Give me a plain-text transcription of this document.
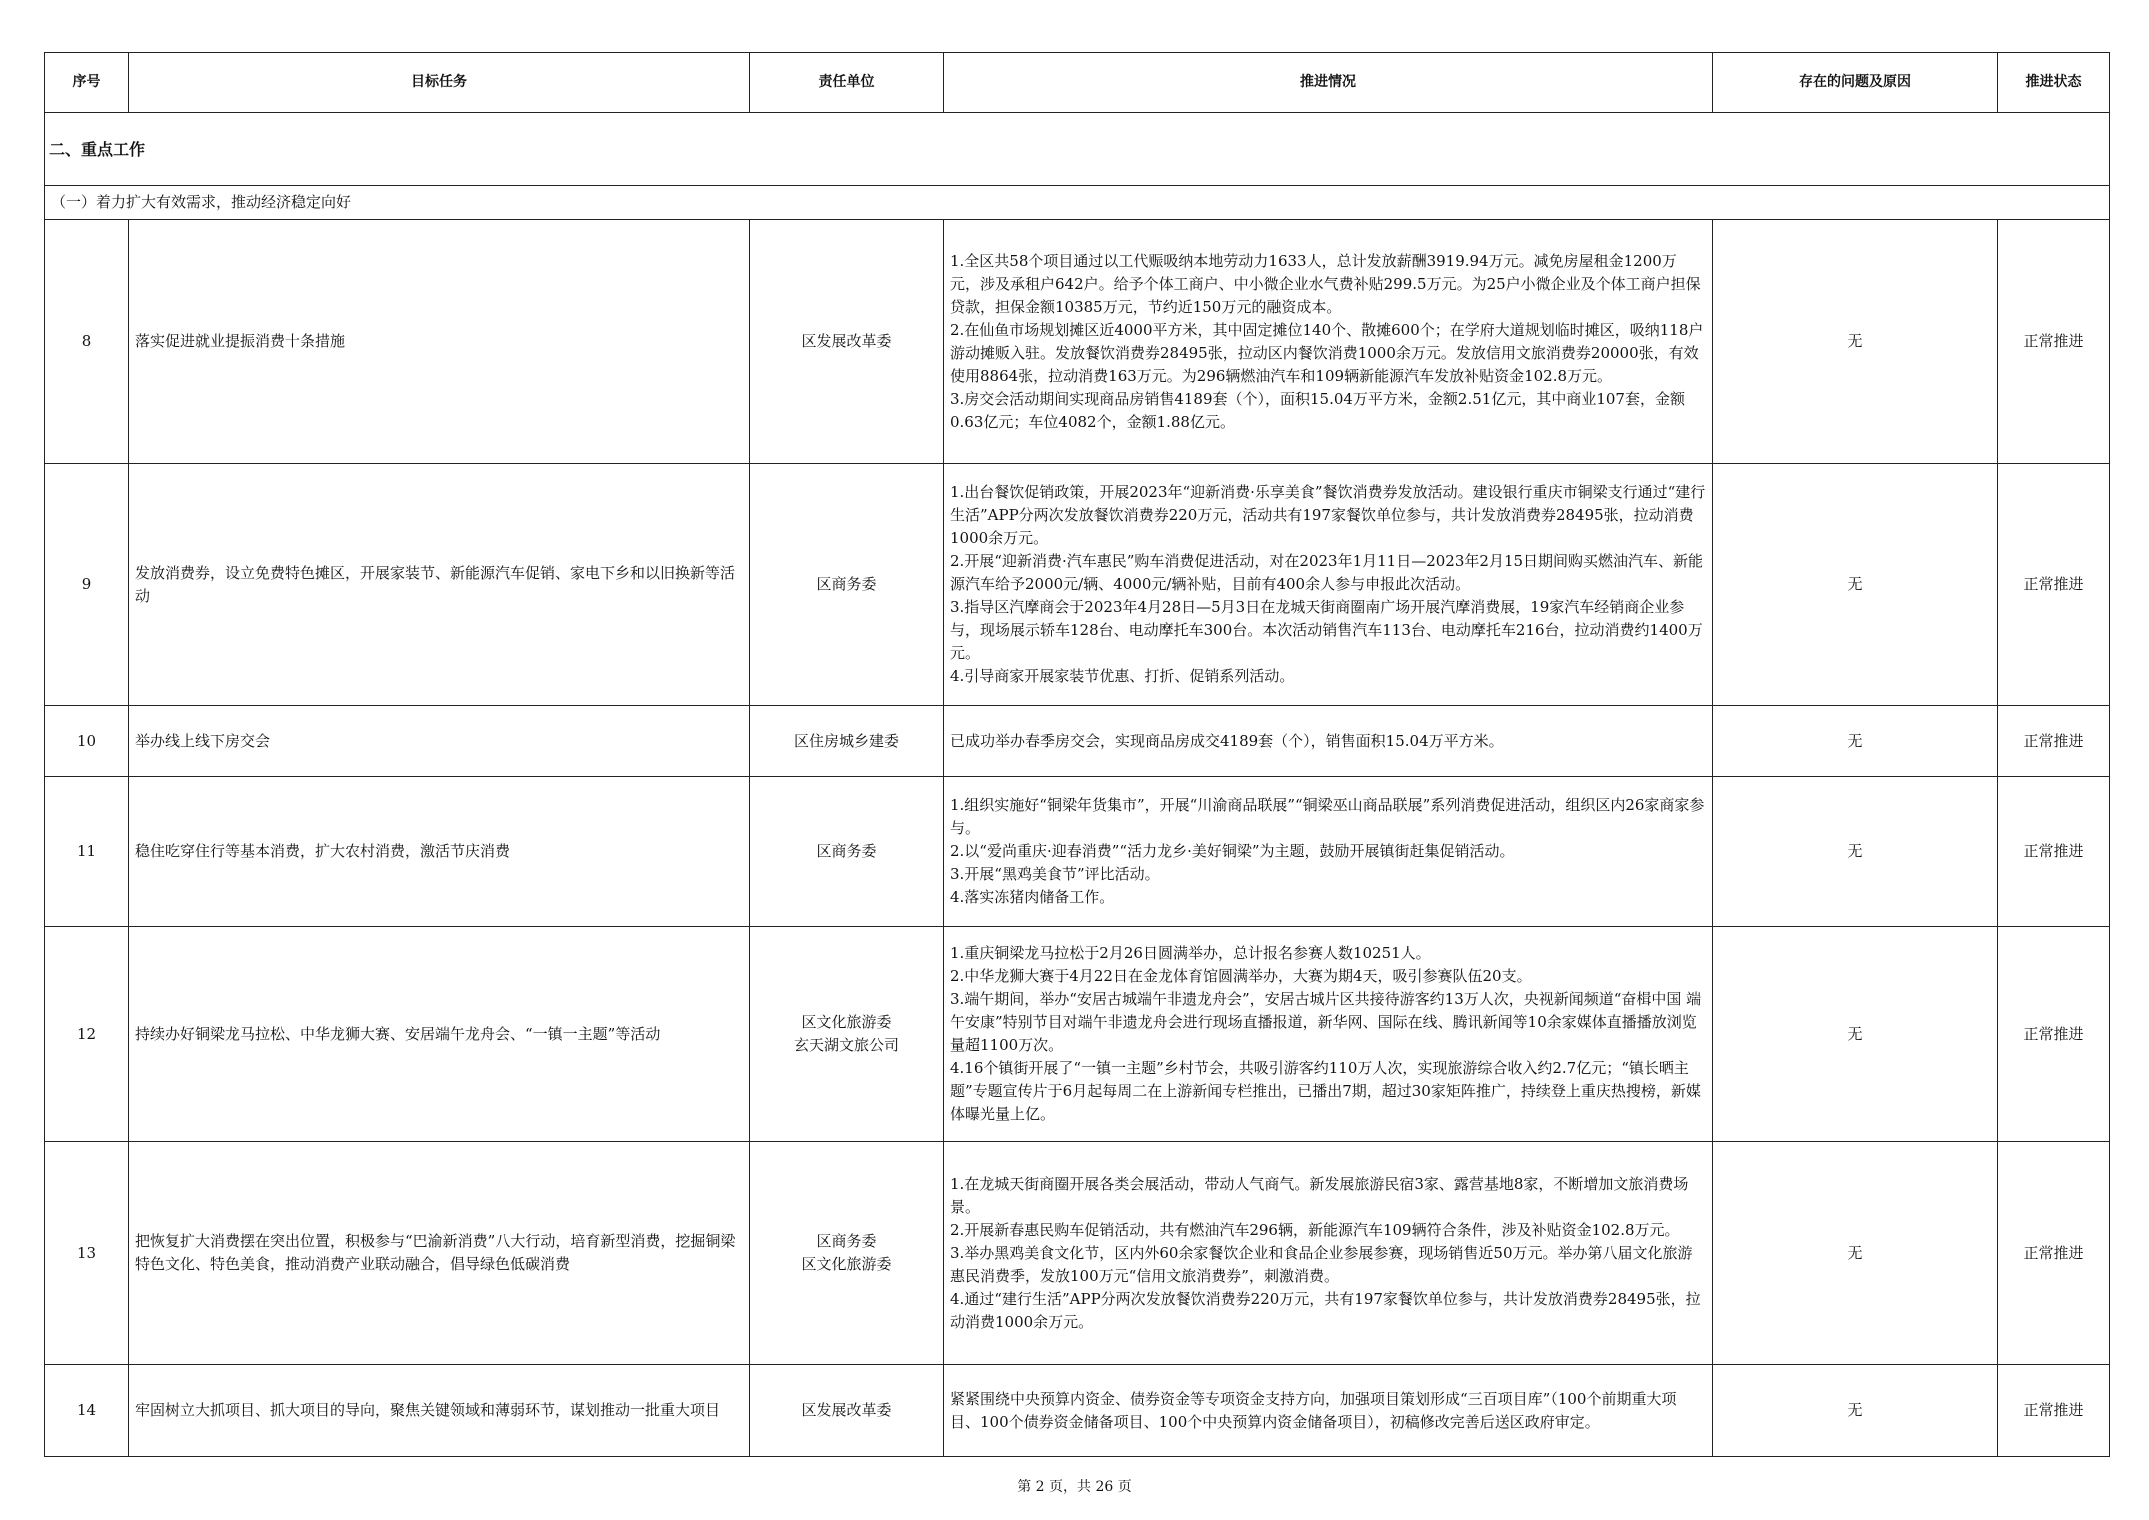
序号	目标任务	责任单位	推进情况	存在的问题及原因	推进状态
二、重点工作					
（一）着力扩大有效需求，推动经济稳定向好					
8	落实促进就业提振消费十条措施	区发展改革委	1.全区共58个项目通过以工代赈吸纳本地劳动力1633人，总计发放薪酬3919.94万元。减免房屋租金1200万元，涉及承租户642户。给予个体工商户、中小微企业水气费补贴299.5万元。为25户小微企业及个体工商户担保贷款，担保金额10385万元，节约近150万元的融资成本。
2.在仙鱼市场规划摊区近4000平方米，其中固定摊位140个、散摊600个；在学府大道规划临时摊区，吸纳118户游动摊贩入驻。发放餐饮消费券28495张，拉动区内餐饮消费1000余万元。发放信用文旅消费券20000张，有效使用8864张，拉动消费163万元。为296辆燃油汽车和109辆新能源汽车发放补贴资金102.8万元。
3.房交会活动期间实现商品房销售4189套（个），面积15.04万平方米，金额2.51亿元，其中商业107套，金额0.63亿元；车位4082个，金额1.88亿元。	无	正常推进
9	发放消费券，设立免费特色摊区，开展家装节、新能源汽车促销、家电下乡和以旧换新等活动	区商务委	1.出台餐饮促销政策，开展2023年“迎新消费·乐享美食”餐饮消费券发放活动。建设银行重庆市铜梁支行通过“建行生活”APP分两次发放餐饮消费券220万元，活动共有197家餐饮单位参与，共计发放消费券28495张，拉动消费1000余万元。
2.开展“迎新消费·汽车惠民”购车消费促进活动，对在2023年1月11日—2023年2月15日期间购买燃油汽车、新能源汽车给予2000元/辆、4000元/辆补贴，目前有400余人参与申报此次活动。
3.指导区汽摩商会于2023年4月28日—5月3日在龙城天街商圈南广场开展汽摩消费展，19家汽车经销商企业参与，现场展示轿车128台、电动摩托车300台。本次活动销售汽车113台、电动摩托车216台，拉动消费约1400万元。
4.引导商家开展家装节优惠、打折、促销系列活动。	无	正常推进
10	举办线上线下房交会	区住房城乡建委	已成功举办春季房交会，实现商品房成交4189套（个），销售面积15.04万平方米。	无	正常推进
11	稳住吃穿住行等基本消费，扩大农村消费，激活节庆消费	区商务委	1.组织实施好“铜梁年货集市”，开展“川渝商品联展”“铜梁巫山商品联展”系列消费促进活动，组织区内26家商家参与。
2.以“爱尚重庆·迎春消费”“活力龙乡·美好铜梁”为主题，鼓励开展镇街赶集促销活动。
3.开展“黑鸡美食节”评比活动。
4.落实冻猪肉储备工作。	无	正常推进
12	持续办好铜梁龙马拉松、中华龙狮大赛、安居端午龙舟会、“一镇一主题”等活动	区文化旅游委
玄天湖文旅公司	1.重庆铜梁龙马拉松于2月26日圆满举办，总计报名参赛人数10251人。
2.中华龙狮大赛于4月22日在金龙体育馆圆满举办，大赛为期4天，吸引参赛队伍20支。
3.端午期间，举办“安居古城端午非遗龙舟会”，安居古城片区共接待游客约13万人次，央视新闻频道“奋楫中国 端午安康”特别节目对端午非遗龙舟会进行现场直播报道，新华网、国际在线、腾讯新闻等10余家媒体直播播放浏览量超1100万次。
4.16个镇街开展了“一镇一主题”乡村节会，共吸引游客约110万人次，实现旅游综合收入约2.7亿元；“镇长晒主题”专题宣传片于6月起每周二在上游新闻专栏推出，已播出7期，超过30家矩阵推广，持续登上重庆热搜榜，新媒体曝光量上亿。	无	正常推进
13	把恢复扩大消费摆在突出位置，积极参与“巴渝新消费”八大行动，培育新型消费，挖掘铜梁特色文化、特色美食，推动消费产业联动融合，倡导绿色低碳消费	区商务委
区文化旅游委	1.在龙城天街商圈开展各类会展活动，带动人气商气。新发展旅游民宿3家、露营基地8家，不断增加文旅消费场景。
2.开展新春惠民购车促销活动，共有燃油汽车296辆，新能源汽车109辆符合条件，涉及补贴资金102.8万元。
3.举办黑鸡美食文化节，区内外60余家餐饮企业和食品企业参展参赛，现场销售近50万元。举办第八届文化旅游惠民消费季，发放100万元“信用文旅消费券”，刺激消费。
4.通过“建行生活”APP分两次发放餐饮消费券220万元，共有197家餐饮单位参与，共计发放消费券28495张，拉动消费1000余万元。	无	正常推进
14	牢固树立大抓项目、抓大项目的导向，聚焦关键领域和薄弱环节，谋划推动一批重大项目	区发展改革委	紧紧围绕中央预算内资金、债券资金等专项资金支持方向，加强项目策划形成“三百项目库”（100个前期重大项目、100个债券资金储备项目、100个中央预算内资金储备项目），初稿修改完善后送区政府审定。	无	正常推进
第 2 页，共 26 页
